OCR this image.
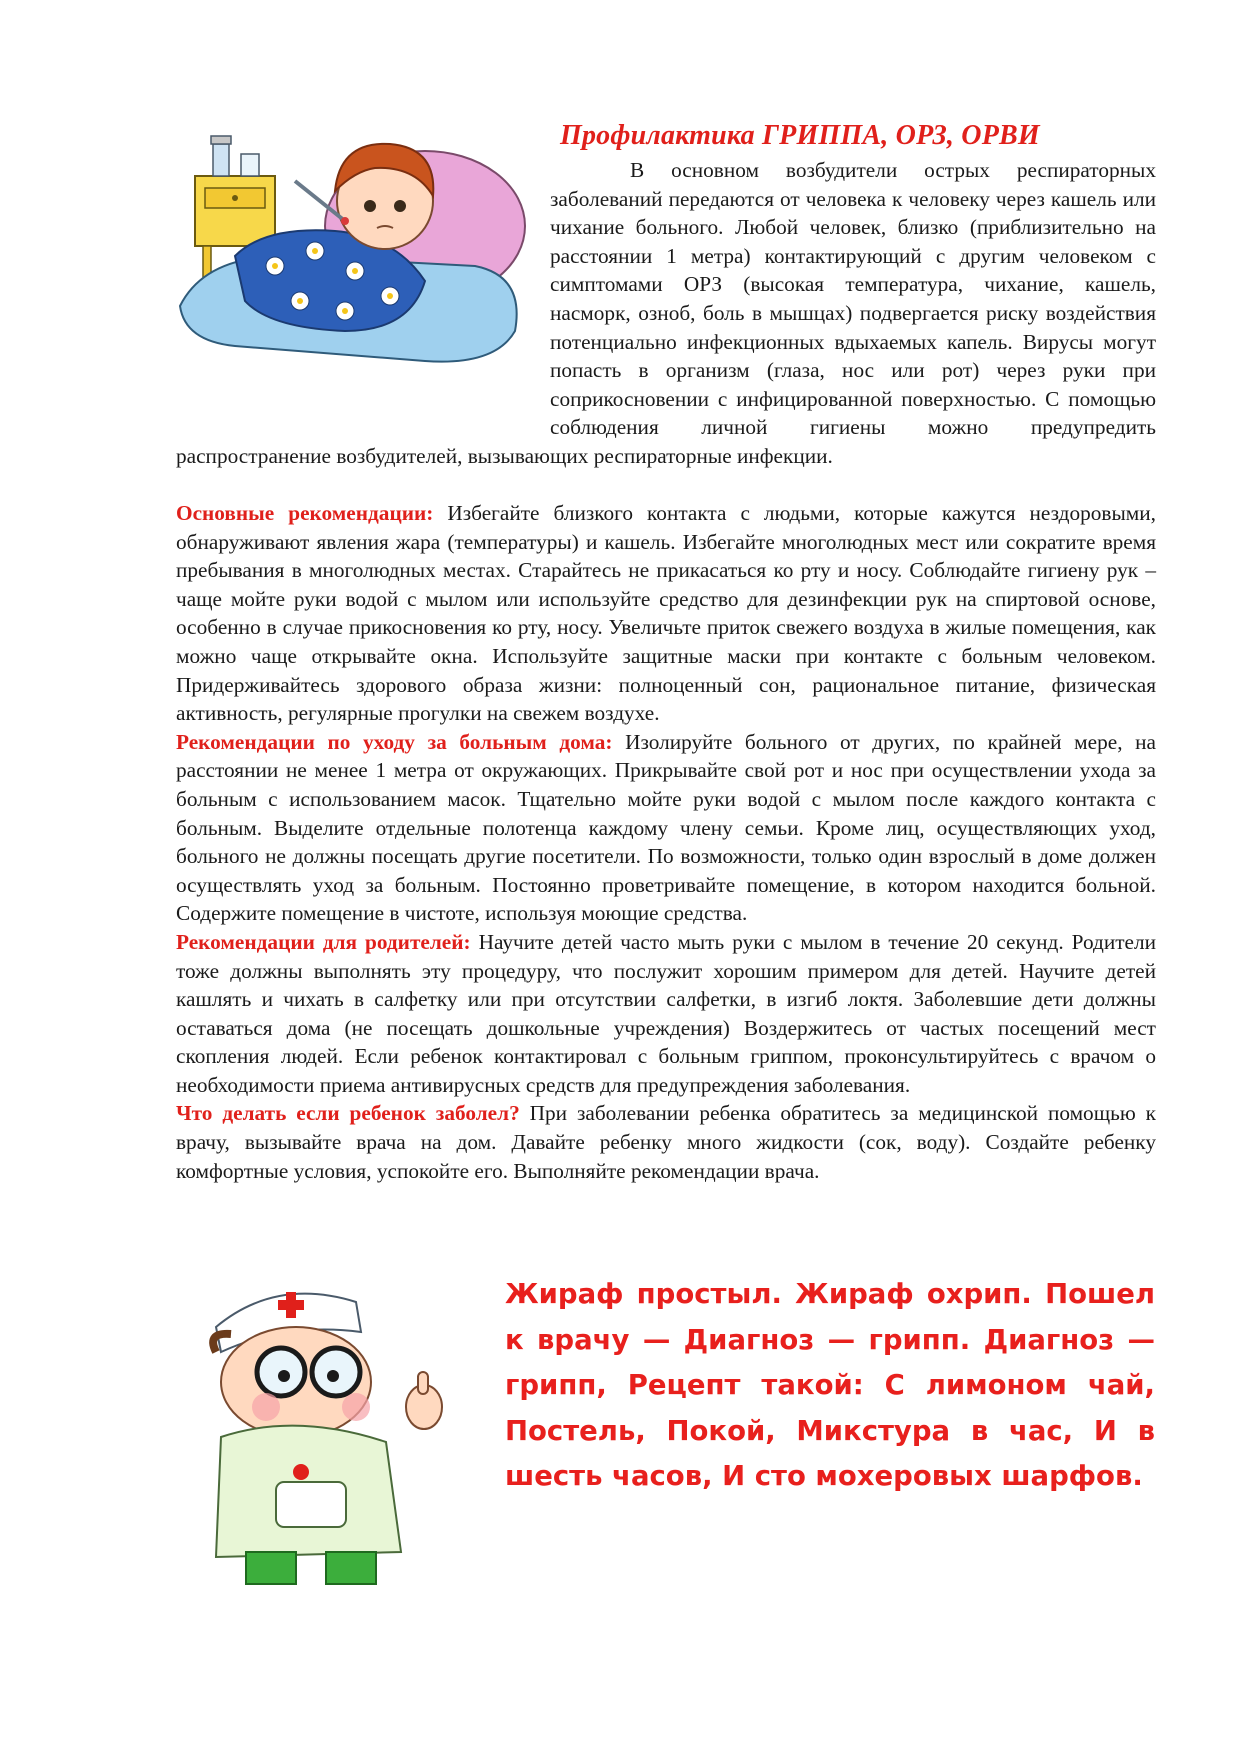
Профилактика ГРИППА, ОРЗ, ОРВИ
В основном возбудители острых респираторных заболеваний передаются от человека к человеку через кашель или чихание больного. Любой человек, близко (приблизительно на расстоянии 1 метра) контактирующий с другим человеком с симптомами ОРЗ (высокая температура, чихание, кашель, насморк, озноб, боль в мышцах) подвергается риску воздействия потенциально инфекционных вдыхаемых капель. Вирусы могут попасть в организм (глаза, нос или рот) через руки при соприкосновении с инфицированной поверхностью. С помощью соблюдения личной гигиены можно предупредить распространение возбудителей, вызывающих респираторные инфекции.
Основные рекомендации: Избегайте близкого контакта с людьми, которые кажутся нездоровыми, обнаруживают явления жара (температуры) и кашель. Избегайте многолюдных мест или сократите время пребывания в многолюдных местах. Старайтесь не прикасаться ко рту и носу. Соблюдайте гигиену рук – чаще мойте руки водой с мылом или используйте средство для дезинфекции рук на спиртовой основе, особенно в случае прикосновения ко рту, носу. Увеличьте приток свежего воздуха в жилые помещения, как можно чаще открывайте окна. Используйте защитные маски при контакте с больным человеком. Придерживайтесь здорового образа жизни: полноценный сон, рациональное питание, физическая активность, регулярные прогулки на свежем воздухе.
Рекомендации по уходу за больным дома: Изолируйте больного от других, по крайней мере, на расстоянии не менее 1 метра от окружающих. Прикрывайте свой рот и нос при осуществлении ухода за больным с использованием масок. Тщательно мойте руки водой с мылом после каждого контакта с больным. Выделите отдельные полотенца каждому члену семьи. Кроме лиц, осуществляющих уход, больного не должны посещать другие посетители. По возможности, только один взрослый в доме должен осуществлять уход за больным. Постоянно проветривайте помещение, в котором находится больной. Содержите помещение в чистоте, используя моющие средства.
Рекомендации для родителей: Научите детей часто мыть руки с мылом в течение 20 секунд. Родители тоже должны выполнять эту процедуру, что послужит хорошим примером для детей. Научите детей кашлять и чихать в салфетку или при отсутствии салфетки, в изгиб локтя. Заболевшие дети должны оставаться дома (не посещать дошкольные учреждения) Воздержитесь от частых посещений мест скопления людей. Если ребенок контактировал с больным гриппом, проконсультируйтесь с врачом о необходимости приема антивирусных средств для предупреждения заболевания.
Что делать если ребенок заболел? При заболевании ребенка обратитесь за медицинской помощью к врачу, вызывайте врача на дом. Давайте ребенку много жидкости (сок, воду). Создайте ребенку комфортные условия, успокойте его. Выполняйте рекомендации врача.
Жираф простыл. Жираф охрип. Пошел к врачу — Диагноз — грипп. Диагноз — грипп, Рецепт такой: С лимоном чай, Постель, Покой, Микстура в час, И в шесть часов, И сто мохеровых шарфов.
